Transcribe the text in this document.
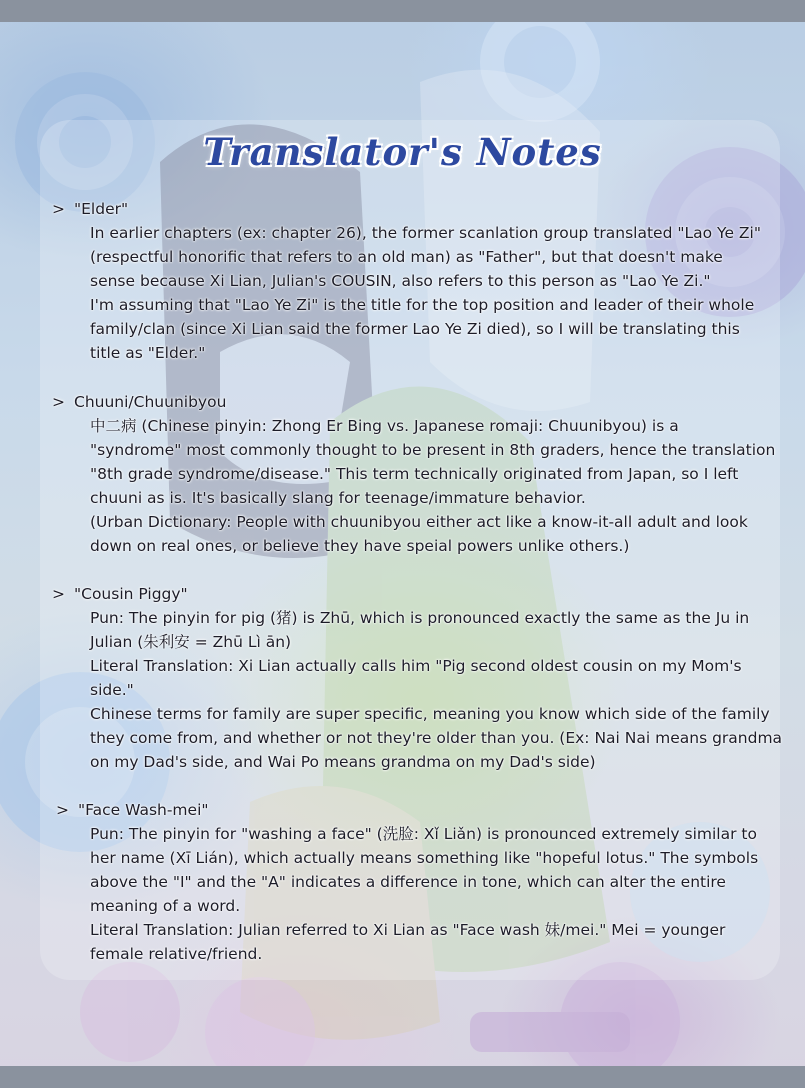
Translator's Notes
> "Elder"
In earlier chapters (ex: chapter 26), the former scanlation group translated "Lao Ye Zi"
(respectful honorific that refers to an old man) as "Father", but that doesn't make
sense because Xi Lian, Julian's COUSIN, also refers to this person as "Lao Ye Zi."
I'm assuming that "Lao Ye Zi" is the title for the top position and leader of their whole
family/clan (since Xi Lian said the former Lao Ye Zi died), so I will be translating this
title as "Elder."
> Chuuni/Chuunibyou
中二病 (Chinese pinyin: Zhong Er Bing vs. Japanese romaji: Chuunibyou) is a
"syndrome" most commonly thought to be present in 8th graders, hence the translation
"8th grade syndrome/disease." This term technically originated from Japan, so I left
chuuni as is. It's basically slang for teenage/immature behavior.
(Urban Dictionary: People with chuunibyou either act like a know-it-all adult and look
down on real ones, or believe they have speial powers unlike others.)
> "Cousin Piggy"
Pun: The pinyin for pig (猪) is Zhū, which is pronounced exactly the same as the Ju in
Julian (朱利安 = Zhū Lì ān)
Literal Translation: Xi Lian actually calls him "Pig second oldest cousin on my Mom's
side."
Chinese terms for family are super specific, meaning you know which side of the family
they come from, and whether or not they're older than you. (Ex: Nai Nai means grandma
on my Dad's side, and Wai Po means grandma on my Dad's side)
> "Face Wash-mei"
Pun: The pinyin for "washing a face" (洗脸: Xǐ Liǎn) is pronounced extremely similar to
her name (Xī Lián), which actually means something like "hopeful lotus." The symbols
above the "I" and the "A" indicates a difference in tone, which can alter the entire
meaning of a word.
Literal Translation: Julian referred to Xi Lian as "Face wash 妹/mei." Mei = younger
female relative/friend.
